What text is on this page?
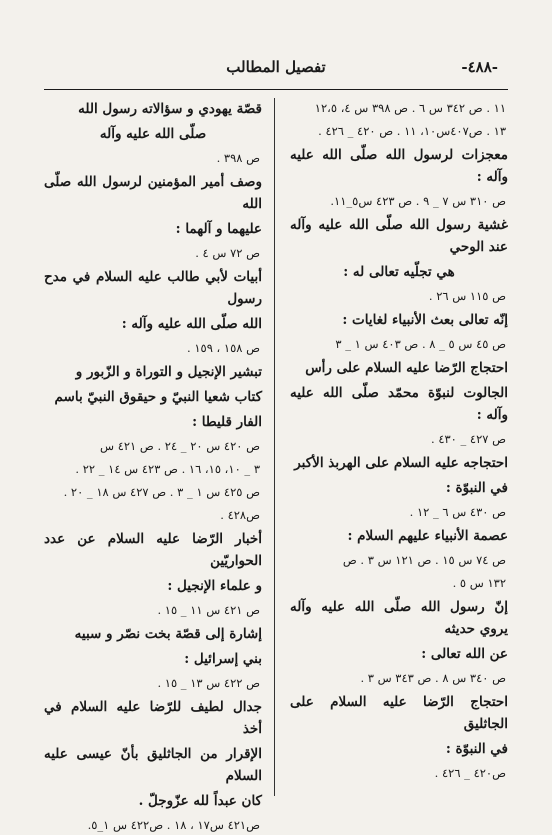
-٤٨٨-
تفصيل المطالب
١١ . ص ٣٤٢ س ٦ . ص ٣٩٨ س ٤، ١٢،٥
١٣ . ص٤٠٧س١٠، ١١ . ص ٤٢٠ _ ٤٢٦ .
معجزات لرسول الله صلّى الله عليه وآله :
ص ٣١٠ س ٧ _ ٩ . ص ٤٢٣ س٥_١١.
غشية رسول الله صلّى الله عليه وآله عند الوحي
هي تجلّيه تعالى له :
ص ١١٥ س ٢٦ .
إنّه تعالى بعث الأنبياء لغايات :
ص ٤٥ س ٥ _ ٨ . ص ٤٠٣ س ١ _ ٣
احتجاج الرّضا عليه السلام على رأس
الجالوت لنبوّة محمّد صلّى الله عليه وآله :
ص ٤٢٧ _ ٤٣٠ .
احتجاجه عليه السلام على الهربذ الأكبر
في النبوّة :
ص ٤٣٠ س ٦ _ ١٢ .
عصمة الأنبياء عليهم السلام :
ص ٧٤ س ١٥ . ص ١٢١ س ٣ . ص
١٣٢ س ٥ .
إنّ رسول الله صلّى الله عليه وآله يروي حديثه
عن الله تعالى :
ص ٣٤٠ س ٨ . ص ٣٤٣ س ٣ .
احتجاج الرّضا عليه السلام على الجاثليق
في النبوّة :
ص٤٢٠ _ ٤٢٦ .
قصّة يهودي و سؤالاته رسول الله
صلّى الله عليه وآله
ص ٣٩٨ .
وصف أمير المؤمنين لرسول الله صلّى الله
عليهما و آلهما :
ص ٧٢ س ٤ .
أبيات لأبي طالب عليه السلام في مدح رسول
الله صلّى الله عليه وآله :
ص ١٥٨ ، ١٥٩ .
تبشير الإنجيل و التوراة و الزّبور و
كتاب شعيا النبيّ و حيقوق النبيّ باسم
الفار قليطا :
ص ٤٢٠ س ٢٠ _ ٢٤ . ص ٤٢١ س
٣ _ ١٠، ١٥، ١٦ . ص ٤٢٣ س ١٤ _ ٢٢ .
ص ٤٢٥ س ١ _ ٣ . ص ٤٢٧ س ١٨ _ ٢٠ .
ص٤٢٨ .
أخبار الرّضا عليه السلام عن عدد الحواريّين
و علماء الإنجيل :
ص ٤٢١ س ١١ _ ١٥ .
إشارة إلى قصّة بخت نصّر و سبيه
بني إسرائيل :
ص ٤٢٢ س ١٣ _ ١٥ .
جدال لطيف للرّضا عليه السلام في أخذ
الإقرار من الجاثليق بأنّ عيسى عليه السلام
كان عبداً لله عزّوجلّ .
ص٤٢١ س١٧ ، ١٨ . ص٤٢٢ س ١_٥.
